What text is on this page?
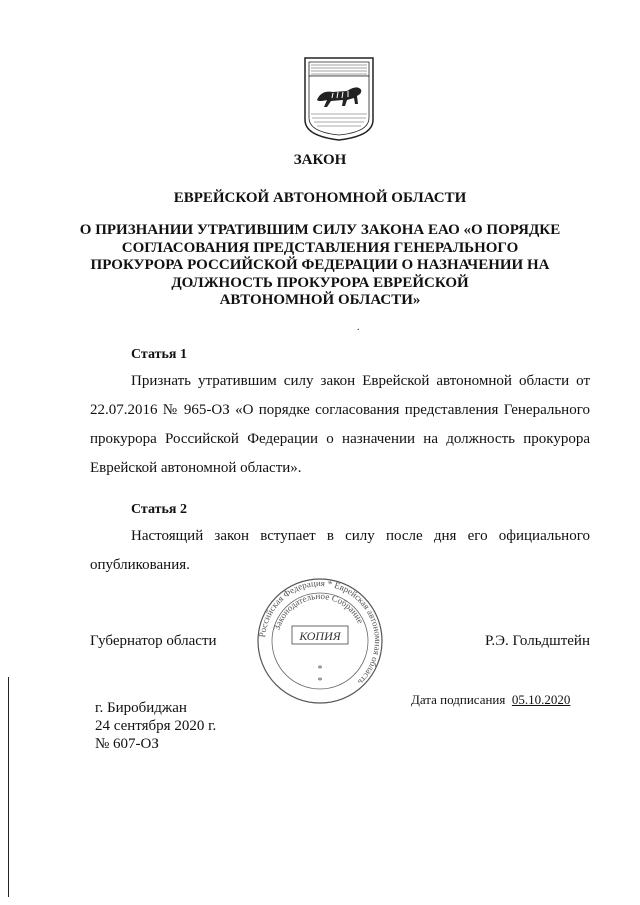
ЗАКОН
ЕВРЕЙСКОЙ АВТОНОМНОЙ ОБЛАСТИ
О ПРИЗНАНИИ УТРАТИВШИМ СИЛУ ЗАКОНА ЕАО «О ПОРЯДКЕ
СОГЛАСОВАНИЯ ПРЕДСТАВЛЕНИЯ ГЕНЕРАЛЬНОГО
ПРОКУРОРА РОССИЙСКОЙ ФЕДЕРАЦИИ О НАЗНАЧЕНИИ НА
ДОЛЖНОСТЬ ПРОКУРОРА ЕВРЕЙСКОЙ
АВТОНОМНОЙ ОБЛАСТИ»
.
Статья 1
Признать утратившим силу закон Еврейской автономной области от
22.07.2016 № 965-ОЗ «О порядке согласования представления Генерального
прокурора Российской Федерации о назначении на должность прокурора
Еврейской автономной области».
Статья 2
Настоящий закон вступает в силу после дня его официального
опубликования.
Губернатор области	Р.Э. Гольдштейн
Российская Федерация * Еврейская автономная область
Законодательное Собрание
КОПИЯ
*
*
г. Биробиджан
24 сентября 2020 г.
№ 607-ОЗ
Дата подписания 05.10.2020
